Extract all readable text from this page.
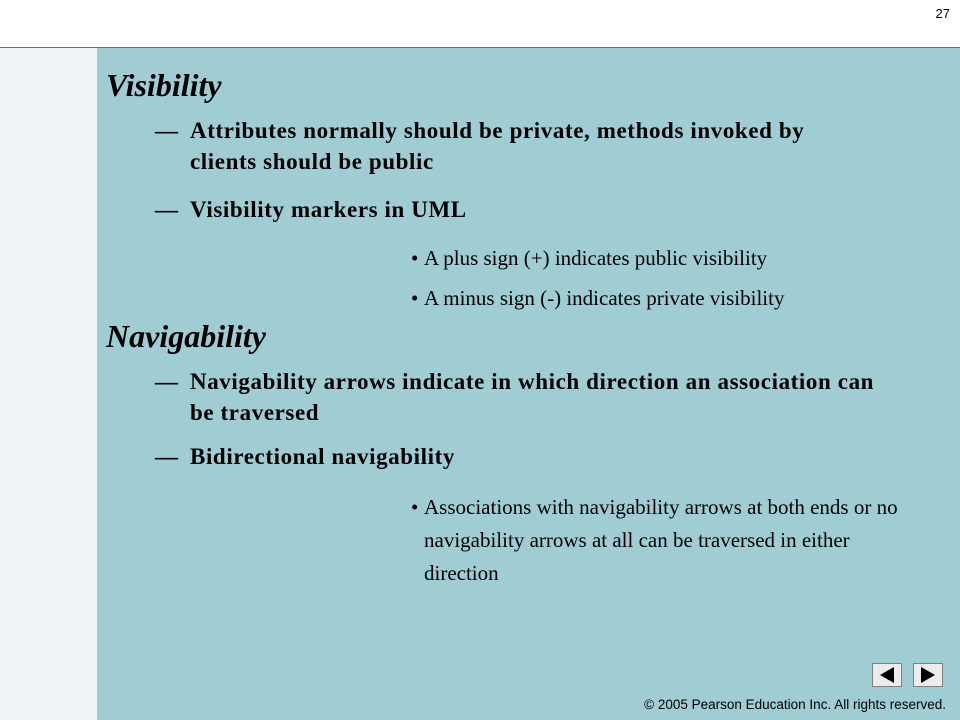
27
Visibility
— Attributes normally should be private, methods invoked by clients should be public
— Visibility markers in UML
• A plus sign (+) indicates public visibility
• A minus sign (-) indicates private visibility
Navigability
— Navigability arrows indicate in which direction an association can be traversed
— Bidirectional navigability
• Associations with navigability arrows at both ends or no navigability arrows at all can be traversed in either direction
© 2005 Pearson Education Inc. All rights reserved.
